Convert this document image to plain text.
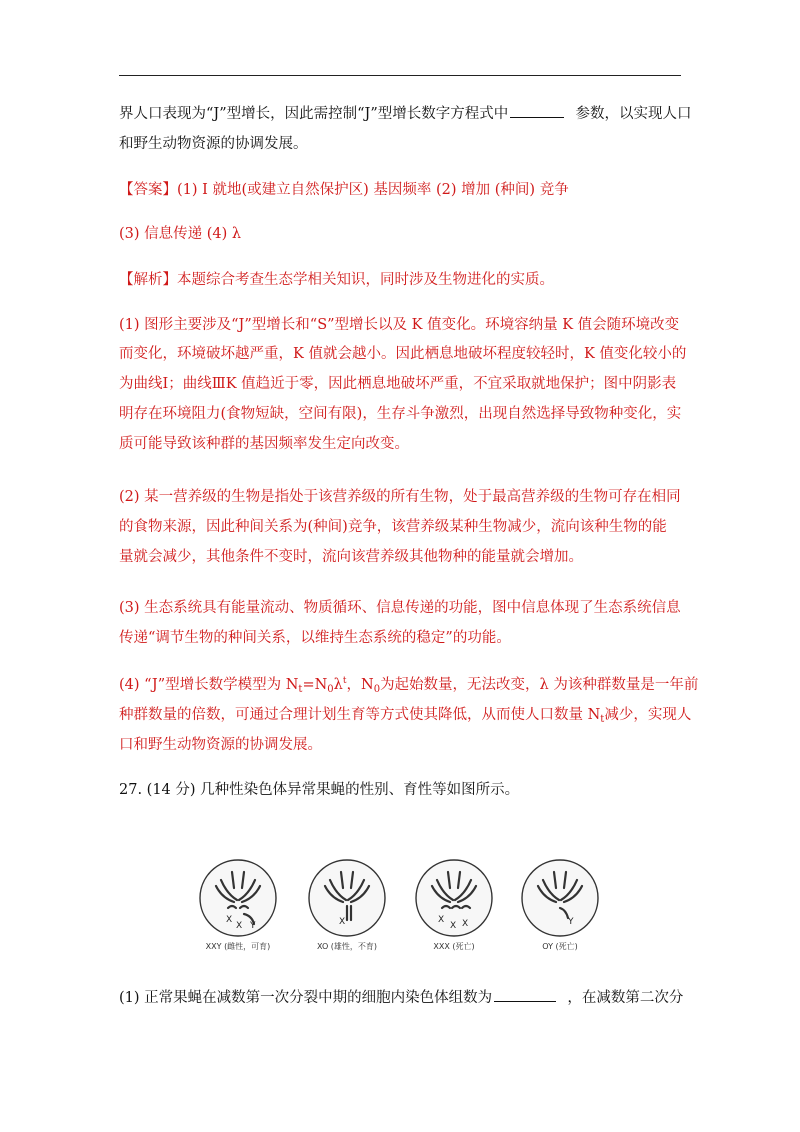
界人口表现为“J”型增长，因此需控制“J”型增长数字方程式中	参数，以实现人口
和野生动物资源的协调发展。
【答案】(1) Ⅰ 就地(或建立自然保护区) 基因频率 (2) 增加 (种间) 竞争
(3) 信息传递 (4) λ
【解析】本题综合考查生态学相关知识，同时涉及生物进化的实质。
(1) 图形主要涉及“J”型增长和“S”型增长以及 K 值变化。环境容纳量 K 值会随环境改变
而变化，环境破坏越严重，K 值就会越小。因此栖息地破坏程度较轻时，K 值变化较小的
为曲线Ⅰ；曲线ⅢK 值趋近于零，因此栖息地破坏严重，不宜采取就地保护；图中阴影表
明存在环境阻力(食物短缺，空间有限)，生存斗争激烈，出现自然选择导致物种变化，实
质可能导致该种群的基因频率发生定向改变。
(2) 某一营养级的生物是指处于该营养级的所有生物，处于最高营养级的生物可存在相同
的食物来源，因此种间关系为(种间)竞争，该营养级某种生物减少，流向该种生物的能
量就会减少，其他条件不变时，流向该营养级其他物种的能量就会增加。
(3) 生态系统具有能量流动、物质循环、信息传递的功能，图中信息体现了生态系统信息
传递“调节生物的种间关系，以维持生态系统的稳定”的功能。
(4) “J”型增长数学模型为 $N_t=N_0\lambda^t$，$N_0$为起始数量，无法改变，λ 为该种群数量是一年前
种群数量的倍数，可通过合理计划生育等方式使其降低，从而使人口数量 $N_t$减少，实现人
口和野生动物资源的协调发展。
27. (14 分) 几种性染色体异常果蝇的性别、育性等如图所示。
X
X Y
XXY (雌性，可育)
X
XO (雄性，不育)
X
X X
XXX (死亡)
Y
OY (死亡)
(1) 正常果蝇在减数第一次分裂中期的细胞内染色体组数为	，在减数第二次分
